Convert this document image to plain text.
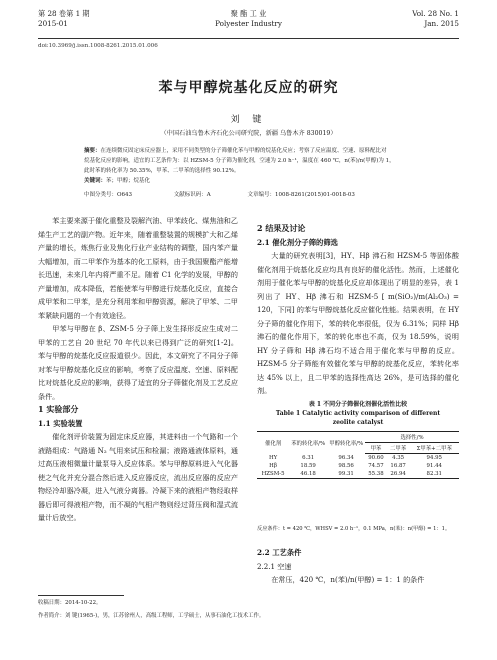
第 28 卷第 1 期
2015-01
聚 酯 工 业
Polyester Industry
Vol. 28 No. 1
Jan. 2015
doi:10.3969/j.issn.1008-8261.2015.01.006
苯与甲醇烷基化反应的研究
刘 键
（中国石油乌鲁木齐石化公司研究院，新疆 乌鲁木齐 830019）

摘要：在连续微反固定床反应器上，采用不同类型的分子筛催化苯与甲醇的烷基化反应；考察了反应温度、空速、原料配比对

烷基化反应的影响，适宜的工艺条件为：以 HZSM-5 分子筛为催化剂，空速为 2.0 h⁻¹，温度在 460 ℃，n(苯)/n(甲醇)为 1，

此时苯的转化率为 50.35%，甲苯、二甲苯的选择性 90.12%。

关键词：苯；甲醇；烷基化

中图分类号：O643	文献标识码：A	文章编号：1008-8261(2015)01-0018-03

苯主要来源于催化重整及裂解汽油、甲苯歧化、煤焦油和乙烯生产工艺的副产物。近年来，随着重整装置的规模扩大和乙烯产量的增长，炼焦行业及焦化行业产业结构的调整，国内苯产量大幅增加，而二甲苯作为基本的化工原料，由于我国聚酯产能增长迅速，未来几年内将严重不足。随着 C1 化学的发展，甲醇的产量增加，成本降低，若能使苯与甲醇进行烷基化反应，直接合成甲苯和二甲苯，是充分利用苯和甲醇资源，解决了甲苯、二甲苯紧缺问题的一个有效途径。

甲苯与甲醇在 β、ZSM-5 分子筛上发生择形反应生成对二甲苯的工艺自 20 世纪 70 年代以来已得到广泛的研究[1-2]。苯与甲醇的烷基化反应报道很少。因此，本文研究了不同分子筛对苯与甲醇烷基化反应的影响，考察了反应温度、空速、原料配比对烷基化反应的影响，获得了适宜的分子筛催化剂及工艺反应条件。

1 实验部分

1.1 实验装置

催化剂评价装置为固定床反应器，其进料由一个气路和一个液路组成：气路通 N₂ 气用来试压和检漏；液路通液体原料，通过高压液相微量计量泵导入反应体系。苯与甲醇原料进入气化器使之气化并充分混合然后进入反应器反应，流出反应器的反应产物经冷却器冷凝，进入气液分离器。冷凝下来的液相产物经取样器后即可得液相产物，而不凝的气相产物则经过背压阀和湿式流量计后放空。

2 结果及讨论

2.1 催化剂分子筛的筛选

大量的研究表明[3]，HY、Hβ 沸石和 HZSM-5 等固体酸催化剂用于烷基化反应均具有良好的催化活性。然而，上述催化剂用于催化苯与甲醇的烷基化反应却体现出了明显的差异，表 1 列出了 HY、Hβ 沸石和 HZSM-5 [ m(SiO₂)/m(Al₂O₃) = 120，下同] 的苯与甲醇烷基化反应催化性能。结果表明，在 HY 分子筛的催化作用下，苯的转化率很低，仅为 6.31%；同样 Hβ 沸石的催化作用下，苯的转化率也不高，仅为 18.59%，说明 HY 分子筛和 Hβ 沸石均不适合用于催化苯与甲醇的反应。HZSM-5 分子筛能有效催化苯与甲醇的烷基化反应，苯转化率达 45% 以上，且二甲苯的选择性高达 26%，是可选择的催化剂。

表 1 不同分子筛催化剂催化活性比较
Table 1 Catalytic activity comparison of different
zeolite catalyst
催化剂	苯的转化率/%	甲醇转化率/%	选择性/%		
			甲苯	二甲苯	Σ甲苯+二甲苯
HY	6.31	96.34	90.60	4.35	94.95
Hβ	18.59	98.56	74.57	16.87	91.44
HZSM-5	46.18	99.31	55.38	26.94	82.31
反应条件：t = 420 ℃，WHSV = 2.0 h⁻¹，0.1 MPa，n(苯)：n(甲醇) = 1：1。

2.2 工艺条件

2.2.1 空速

在常压，420 ℃，n(苯)/n(甲醇) = 1：1 的条件

收稿日期：2014-10-22。
作者简介：刘 键(1965-)，男，江苏徐州人，高级工程师，工学硕士，从事石油化工技术工作。
